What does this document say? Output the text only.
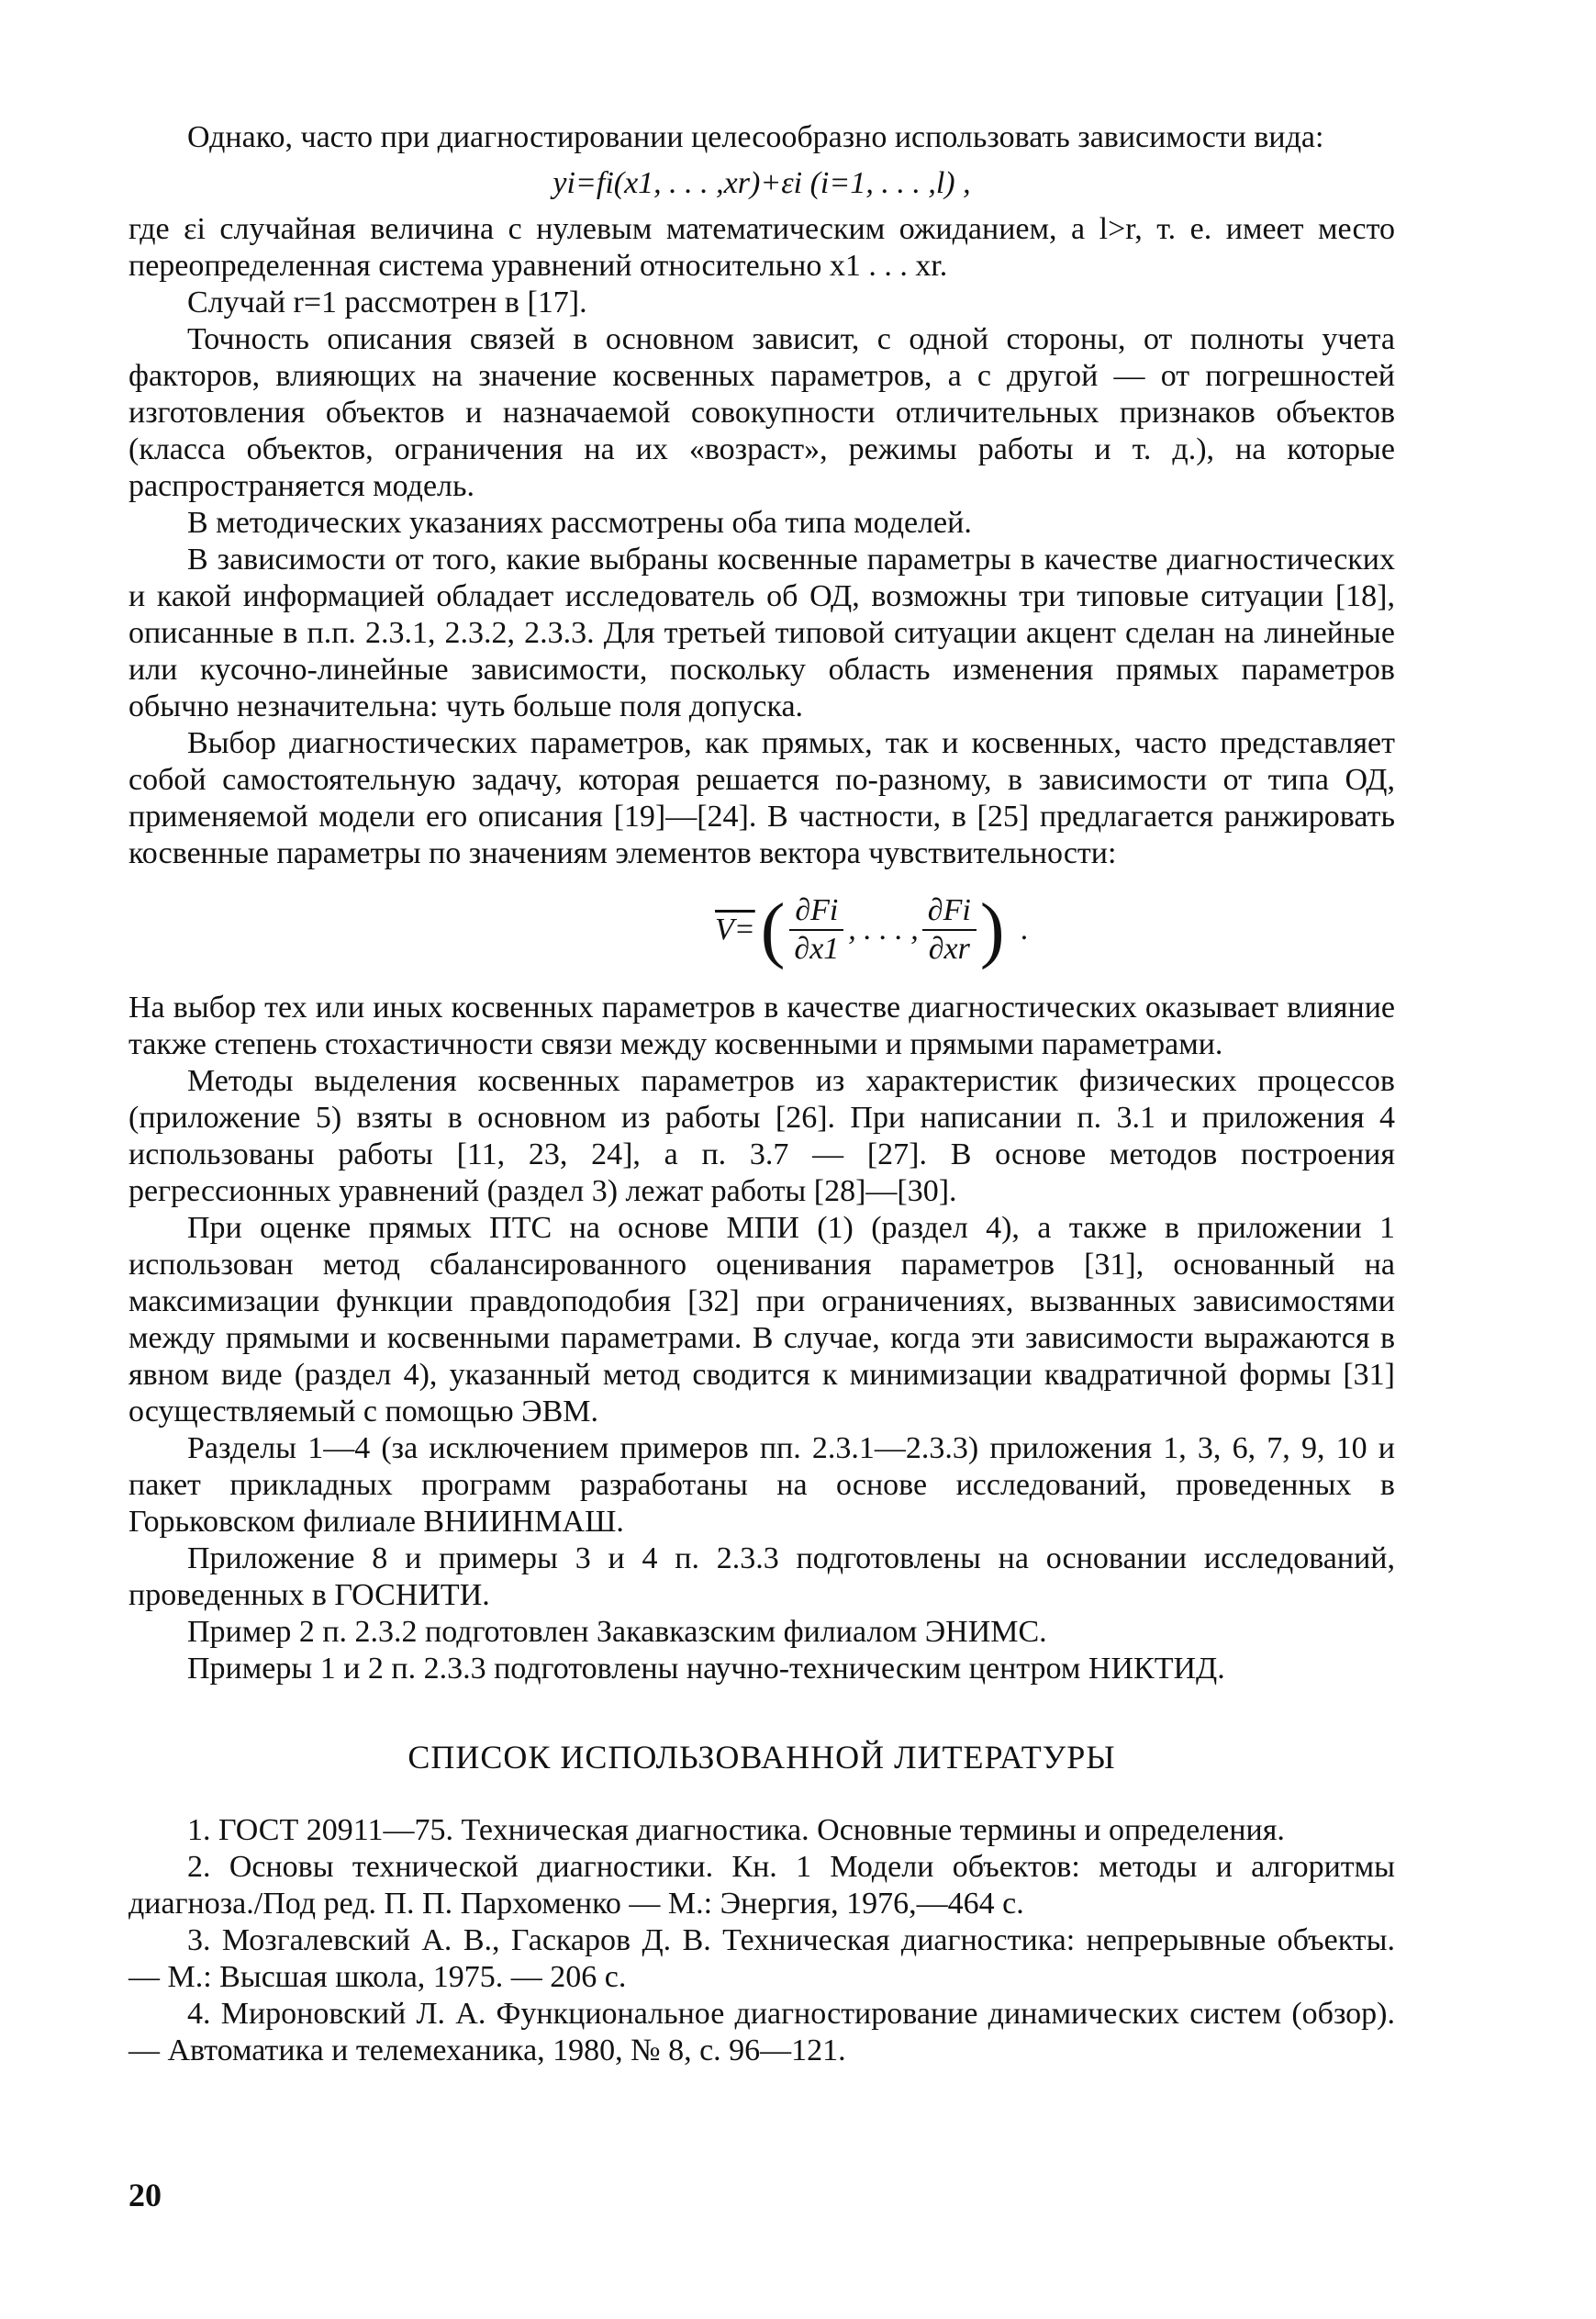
Однако, часто при диагностировании целесообразно использовать зависимости вида:

yi=fi(x1, . . . ,xr)+εi (i=1, . . . ,l) ,

где εi случайная величина с нулевым математическим ожиданием, а l>r, т. е. имеет место переопределенная система уравнений относительно x1 . . . xr.

Случай r=1 рассмотрен в [17].

Точность описания связей в основном зависит, с одной стороны, от полноты учета факторов, влияющих на значение косвенных параметров, а с другой — от погрешностей изготовления объектов и назначаемой совокупности отличительных признаков объектов (класса объектов, ограничения на их «возраст», режимы работы и т. д.), на которые распространяется модель.

В методических указаниях рассмотрены оба типа моделей.

В зависимости от того, какие выбраны косвенные параметры в качестве диагностических и какой информацией обладает исследователь об ОД, возможны три типовые ситуации [18], описанные в п.п. 2.3.1, 2.3.2, 2.3.3. Для третьей типовой ситуации акцент сделан на линейные или кусочно-линейные зависимости, поскольку область изменения прямых параметров обычно незначительна: чуть больше поля допуска.

Выбор диагностических параметров, как прямых, так и косвенных, часто представляет собой самостоятельную задачу, которая решается по-разному, в зависимости от типа ОД, применяемой модели его описания [19]—[24]. В частности, в [25] предлагается ранжировать косвенные параметры по значениям элементов вектора чувствительности:

V= ( $\frac{\partial Fi}{\partial x1}$ , . . . , $\frac{\partial Fi}{\partial xr}$ ) .

На выбор тех или иных косвенных параметров в качестве диагностических оказывает влияние также степень стохастичности связи между косвенными и прямыми параметрами.

Методы выделения косвенных параметров из характеристик физических процессов (приложение 5) взяты в основном из работы [26]. При написании п. 3.1 и приложения 4 использованы работы [11, 23, 24], а п. 3.7 — [27]. В основе методов построения регрессионных уравнений (раздел 3) лежат работы [28]—[30].

При оценке прямых ПТС на основе МПИ (1) (раздел 4), а также в приложении 1 использован метод сбалансированного оценивания параметров [31], основанный на максимизации функции правдоподобия [32] при ограничениях, вызванных зависимостями между прямыми и косвенными параметрами. В случае, когда эти зависимости выражаются в явном виде (раздел 4), указанный метод сводится к минимизации квадратичной формы [31] осуществляемый с помощью ЭВМ.

Разделы 1—4 (за исключением примеров пп. 2.3.1—2.3.3) приложения 1, 3, 6, 7, 9, 10 и пакет прикладных программ разработаны на основе исследований, проведенных в Горьковском филиале ВНИИНМАШ.

Приложение 8 и примеры 3 и 4 п. 2.3.3 подготовлены на основании исследований, проведенных в ГОСНИТИ.

Пример 2 п. 2.3.2 подготовлен Закавказским филиалом ЭНИМС.

Примеры 1 и 2 п. 2.3.3 подготовлены научно-техническим центром НИКТИД.

СПИСОК ИСПОЛЬЗОВАННОЙ ЛИТЕРАТУРЫ

1. ГОСТ 20911—75. Техническая диагностика. Основные термины и определения.

2. Основы технической диагностики. Кн. 1 Модели объектов: методы и алгоритмы диагноза./Под ред. П. П. Пархоменко — М.: Энергия, 1976,—464 с.

3. Мозгалевский А. В., Гаскаров Д. В. Техническая диагностика: непрерывные объекты. — М.: Высшая школа, 1975. — 206 с.

4. Мироновский Л. А. Функциональное диагностирование динамических систем (обзор). — Автоматика и телемеханика, 1980, № 8, с. 96—121.

20
